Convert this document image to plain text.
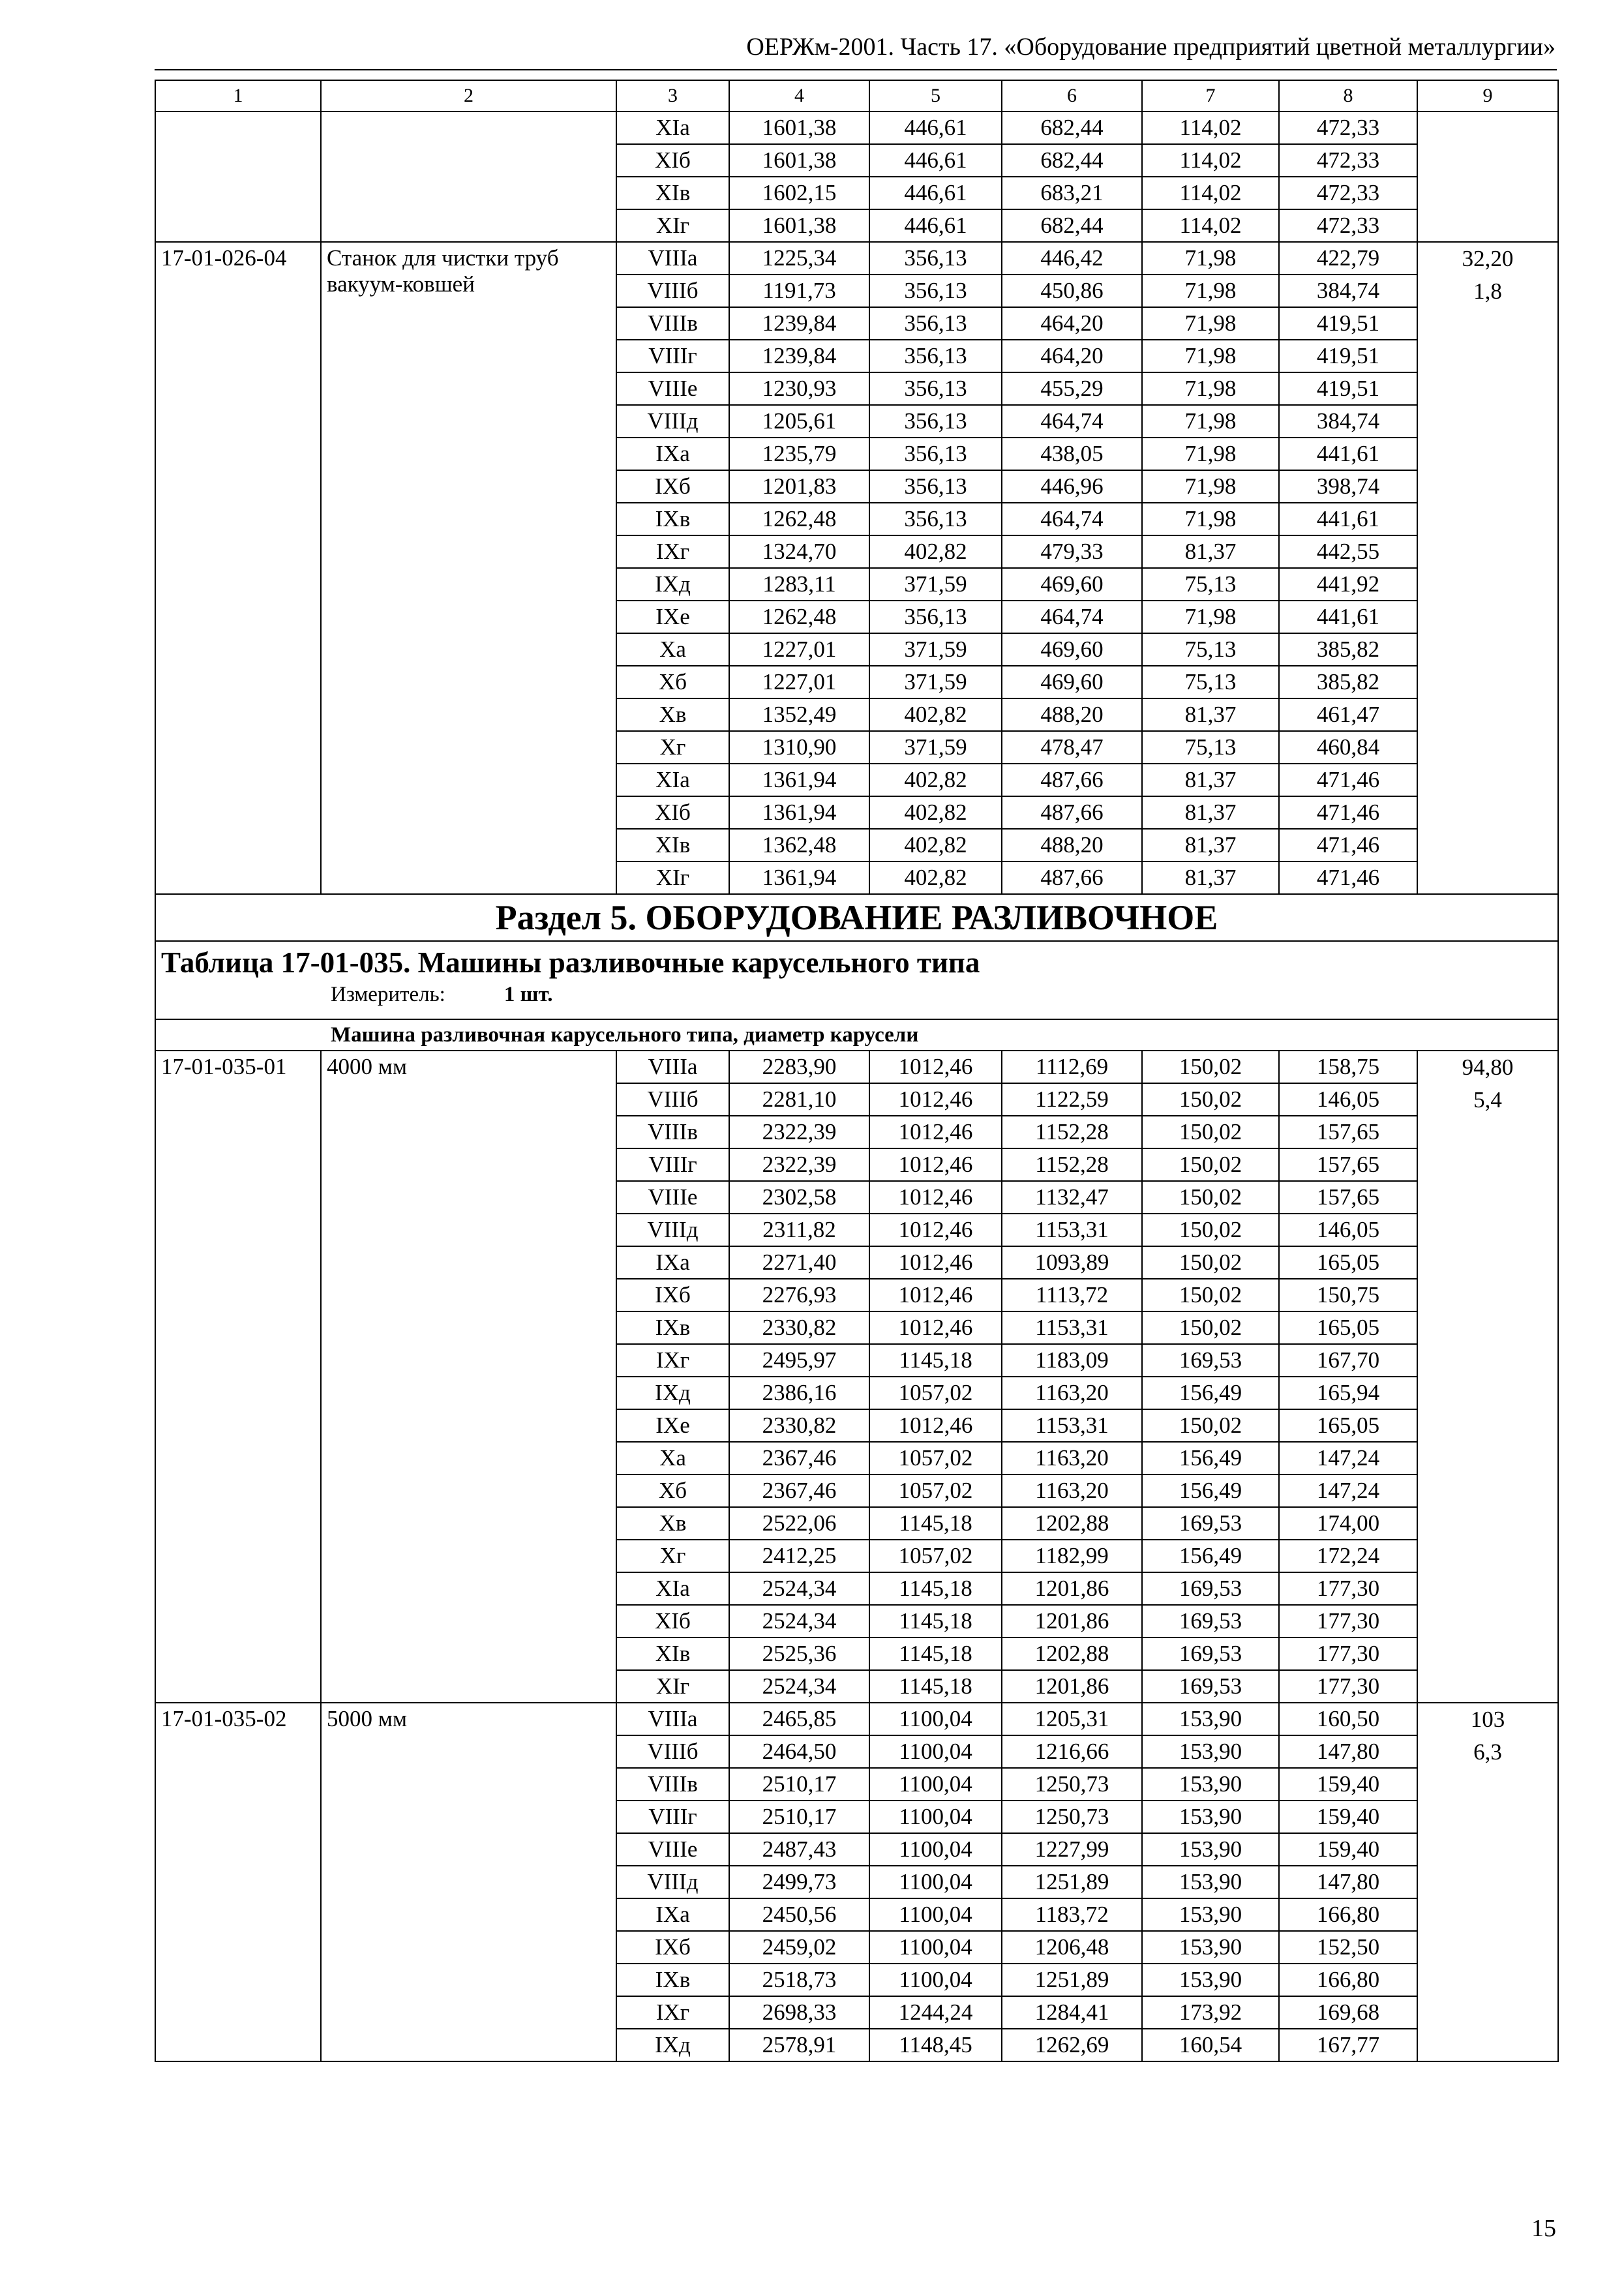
ОЕРЖм-2001. Часть 17. «Оборудование предприятий цветной металлургии»
1	2	3	4	5	6	7	8	9
		XIа	1601,38	446,61	682,44	114,02	472,33	
		XIб	1601,38	446,61	682,44	114,02	472,33	
		XIв	1602,15	446,61	683,21	114,02	472,33	
		XIг	1601,38	446,61	682,44	114,02	472,33	
17-01-026-04	Станок для чистки труб вакуум-ковшей	VIIIа	1225,34	356,13	446,42	71,98	422,79	32,20
1,8

		VIIIб	1191,73	356,13	450,86	71,98	384,74	
		VIIIв	1239,84	356,13	464,20	71,98	419,51	
		VIIIг	1239,84	356,13	464,20	71,98	419,51	
		VIIIе	1230,93	356,13	455,29	71,98	419,51	
		VIIIд	1205,61	356,13	464,74	71,98	384,74	
		IXа	1235,79	356,13	438,05	71,98	441,61	
		IXб	1201,83	356,13	446,96	71,98	398,74	
		IXв	1262,48	356,13	464,74	71,98	441,61	
		IXг	1324,70	402,82	479,33	81,37	442,55	
		IXд	1283,11	371,59	469,60	75,13	441,92	
		IXе	1262,48	356,13	464,74	71,98	441,61	
		Xа	1227,01	371,59	469,60	75,13	385,82	
		Xб	1227,01	371,59	469,60	75,13	385,82	
		Xв	1352,49	402,82	488,20	81,37	461,47	
		Xг	1310,90	371,59	478,47	75,13	460,84	
		XIа	1361,94	402,82	487,66	81,37	471,46	
		XIб	1361,94	402,82	487,66	81,37	471,46	
		XIв	1362,48	402,82	488,20	81,37	471,46	
		XIг	1361,94	402,82	487,66	81,37	471,46	
Раздел 5. ОБОРУДОВАНИЕ РАЗЛИВОЧНОЕ								

Таблица 17-01-035. Машины разливочные карусельного типа
Измеритель: 1 шт.								

Машина разливочная карусельного типа, диаметр карусели								
17-01-035-01	4000 мм	VIIIа	2283,90	1012,46	1112,69	150,02	158,75	94,80
5,4

		VIIIб	2281,10	1012,46	1122,59	150,02	146,05	
		VIIIв	2322,39	1012,46	1152,28	150,02	157,65	
		VIIIг	2322,39	1012,46	1152,28	150,02	157,65	
		VIIIе	2302,58	1012,46	1132,47	150,02	157,65	
		VIIIд	2311,82	1012,46	1153,31	150,02	146,05	
		IXа	2271,40	1012,46	1093,89	150,02	165,05	
		IXб	2276,93	1012,46	1113,72	150,02	150,75	
		IXв	2330,82	1012,46	1153,31	150,02	165,05	
		IXг	2495,97	1145,18	1183,09	169,53	167,70	
		IXд	2386,16	1057,02	1163,20	156,49	165,94	
		IXе	2330,82	1012,46	1153,31	150,02	165,05	
		Xа	2367,46	1057,02	1163,20	156,49	147,24	
		Xб	2367,46	1057,02	1163,20	156,49	147,24	
		Xв	2522,06	1145,18	1202,88	169,53	174,00	
		Xг	2412,25	1057,02	1182,99	156,49	172,24	
		XIа	2524,34	1145,18	1201,86	169,53	177,30	
		XIб	2524,34	1145,18	1201,86	169,53	177,30	
		XIв	2525,36	1145,18	1202,88	169,53	177,30	
		XIг	2524,34	1145,18	1201,86	169,53	177,30	
17-01-035-02	5000 мм	VIIIа	2465,85	1100,04	1205,31	153,90	160,50	103
6,3

		VIIIб	2464,50	1100,04	1216,66	153,90	147,80	
		VIIIв	2510,17	1100,04	1250,73	153,90	159,40	
		VIIIг	2510,17	1100,04	1250,73	153,90	159,40	
		VIIIе	2487,43	1100,04	1227,99	153,90	159,40	
		VIIIд	2499,73	1100,04	1251,89	153,90	147,80	
		IXа	2450,56	1100,04	1183,72	153,90	166,80	
		IXб	2459,02	1100,04	1206,48	153,90	152,50	
		IXв	2518,73	1100,04	1251,89	153,90	166,80	
		IXг	2698,33	1244,24	1284,41	173,92	169,68	
		IXд	2578,91	1148,45	1262,69	160,54	167,77	
15
